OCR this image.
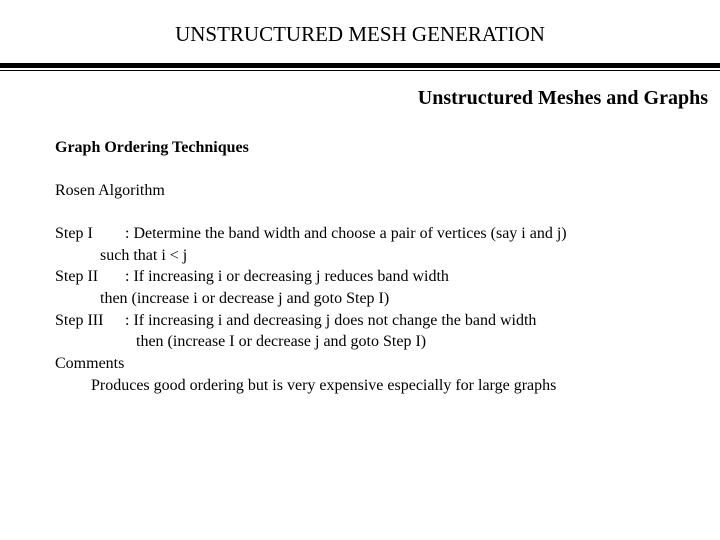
UNSTRUCTURED MESH GENERATION
Unstructured Meshes and Graphs
Graph Ordering Techniques
Rosen Algorithm
Step I : Determine the band width and choose a pair of vertices (say i and j)
such that i < j
Step II : If increasing i or decreasing j reduces band width
then (increase i or decrease j and goto Step I)
Step III : If increasing i and decreasing j does not change the band width
then (increase I or decrease j and goto Step I)
Comments
Produces good ordering but is very expensive especially for large graphs
